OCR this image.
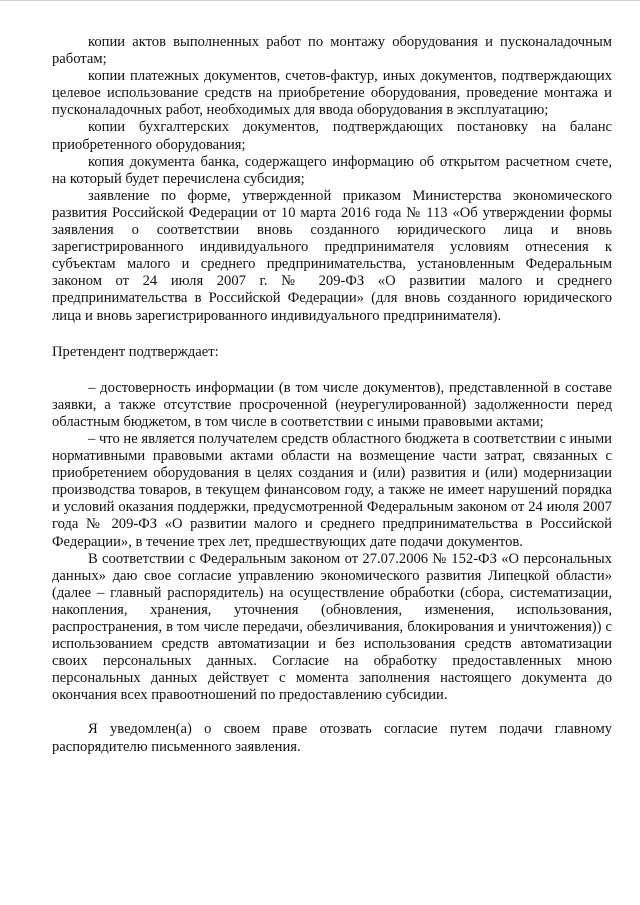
копии актов выполненных работ по монтажу оборудования и пусконаладочным работам;

копии платежных документов, счетов-фактур, иных документов, подтверждающих целевое использование средств на приобретение оборудования, проведение монтажа и пусконаладочных работ, необходимых для ввода оборудования в эксплуатацию;

копии бухгалтерских документов, подтверждающих постановку на баланс приобретенного оборудования;

копия документа банка, содержащего информацию об открытом расчетном счете, на который будет перечислена субсидия;

заявление по форме, утвержденной приказом Министерства экономического развития Российской Федерации от 10 марта 2016 года № 113 «Об утверждении формы заявления о соответствии вновь созданного юридического лица и вновь зарегистрированного индивидуального предпринимателя условиям отнесения к субъектам малого и среднего предпринимательства, установленным Федеральным законом от 24 июля 2007 г. № 209-ФЗ «О развитии малого и среднего предпринимательства в Российской Федерации» (для вновь созданного юридического лица и вновь зарегистрированного индивидуального предпринимателя).

Претендент подтверждает:

– достоверность информации (в том числе документов), представленной в составе заявки, а также отсутствие просроченной (неурегулированной) задолженности перед областным бюджетом, в том числе в соответствии с иными правовыми актами;

– что не является получателем средств областного бюджета в соответствии с иными нормативными правовыми актами области на возмещение части затрат, связанных с приобретением оборудования в целях создания и (или) развития и (или) модернизации производства товаров, в текущем финансовом году, а также не имеет нарушений порядка и условий оказания поддержки, предусмотренной Федеральным законом от 24 июля 2007 года № 209-ФЗ «О развитии малого и среднего предпринимательства в Российской Федерации», в течение трех лет, предшествующих дате подачи документов.

В соответствии с Федеральным законом от 27.07.2006 № 152-ФЗ «О персональных данных» даю свое согласие управлению экономического развития Липецкой области» (далее – главный распорядитель) на осуществление обработки (сбора, систематизации, накопления, хранения, уточнения (обновления, изменения, использования, распространения, в том числе передачи, обезличивания, блокирования и уничтожения)) с использованием средств автоматизации и без использования средств автоматизации своих персональных данных. Согласие на обработку предоставленных мною персональных данных действует с момента заполнения настоящего документа до окончания всех правоотношений по предоставлению субсидии.

Я уведомлен(а) о своем праве отозвать согласие путем подачи главному распорядителю письменного заявления.
